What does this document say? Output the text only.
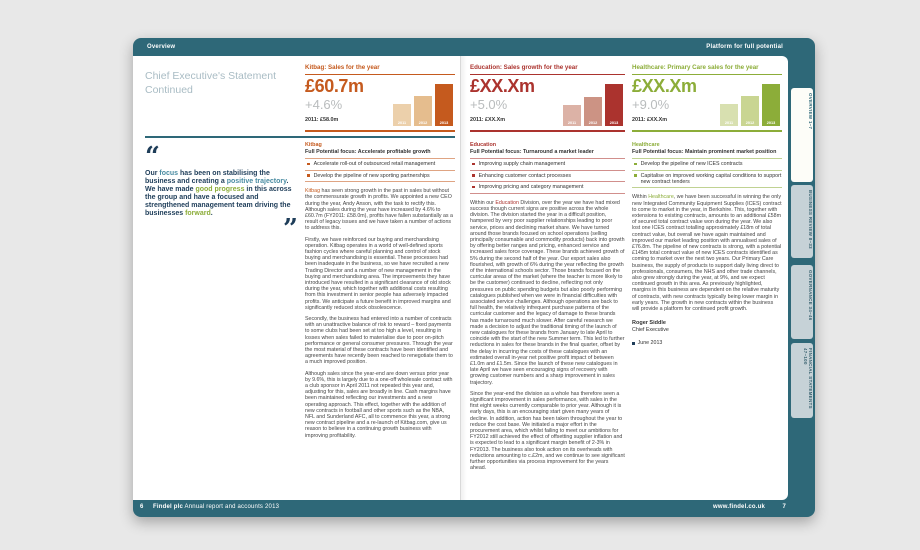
Overview	Platform for full potential
Chief Executive's Statement Continued
Kitbag: Sales for the year
£60.7m
+4.6%
2011: £58.0m	2011	2012	2013
Education: Sales growth for the year
£XX.Xm
+5.0%
2011: £XX.Xm	2011	2012	2013
Healthcare: Primary Care sales for the year
£XX.Xm
+9.0%
2011: £XX.Xm	2011	2012	2013
“
Our focus has been on stabilising the business and creating a positive trajectory. We have made good progress in this across the group and have a focused and strengthened management team driving the businesses forward.
”
Kitbag
Full Potential focus: Accelerate profitable growth
Accelerate roll-out of outsourced retail management
Develop the pipeline of new sporting partnerships

Kitbag has seen strong growth in the past in sales but without the commensurate growth in profits. We appointed a new CEO during the year, Andy Anson, with the task to rectify this. Although sales during the year have increased by 4.6% to £60.7m (FY2011: £58.0m), profits have fallen substantially as a result of legacy issues and we have taken a number of actions to address this.

Firstly, we have reinforced our buying and merchandising operation. Kitbag operates in a world of well-defined sports fashion cycles where careful planning and control of stock buying and merchandising is essential. These processes had been inadequate in the business, so we have recruited a new Trading Director and a number of new management in the buying and merchandising area. The improvements they have introduced have resulted in a significant clearance of old stock during the year, which together with additional costs resulting from this investment in senior people has adversely impacted profits. We anticipate a future benefit in improved margins and significantly reduced stock obsolescence.

Secondly, the business had entered into a number of contracts with an unattractive balance of risk to reward – fixed payments to some clubs had been set at too high a level, resulting in losses when sales failed to materialise due to poor on-pitch performance or general consumer pressures. Through the year the most material of these contracts have been identified and agreements have recently been reached to renegotiate them to a much improved position.

Although sales since the year-end are down versus prior year by 9.6%, this is largely due to a one-off wholesale contract with a club sponsor in April 2011 not repeated this year and, adjusting for this, sales are broadly in line. Cash margins have been maintained reflecting our investments and a new operating approach. This effect, together with the addition of new contracts in football and other sports such as the NBA, NFL and Sunderland AFC, all to commence this year, a strong new contract pipeline and a re-launch of Kitbag.com, give us reason to believe in a continuing growth business with improving profitability.

Education
Full Potential focus: Turnaround a market leader
Improving supply chain management
Enhancing customer contact processes
Improving pricing and category management

Within our Education Division, over the year we have had mixed success though current signs are positive across the whole division. The division started the year in a difficult position, hampered by very poor supplier relationships leading to poor service, prices and declining market share. We have turned around those brands focused on school operations (selling principally consumable and commodity products) back into growth by offering better ranges and pricing, enhanced service and increased sales force coverage. These brands achieved growth of 5% during the second half of the year. Our export sales also flourished, with growth of 6% during the year reflecting the growth of the international schools sector. Those brands focused on the curricular areas of the market (where the teacher is more likely to be the customer) continued to decline, reflecting not only pressures on public spending budgets but also poorly performing catalogues published when we were in financial difficulties with associated service challenges. Although operations are back to full health, the relatively infrequent purchase patterns of the curricular customer and the legacy of damage to these brands has made turnaround much slower. After careful research we made a decision to adjust the traditional timing of the launch of new catalogues for these brands from January to late April to coincide with the start of the new Summer term. This led to further reductions in sales for these brands in the final quarter, offset by the delay in incurring the costs of these catalogues with an estimated overall in-year net positive profit impact of between £1.0m and £1.5m. Since the launch of these new catalogues in late April we have seen encouraging signs of recovery with growing customer numbers and a sharp improvement in sales trajectory.

Since the year-end the division as a whole has therefore seen a significant improvement in sales performance, with sales in the first eight weeks currently comparable to prior year. Although it is early days, this is an encouraging start given many years of decline. In addition, action has been taken throughout the year to reduce the cost base. We initiated a major effort in the procurement area, which whilst failing to meet our ambitions for FY2012 still achieved the effect of offsetting supplier inflation and is expected to lead to a significant margin benefit of 2-3% in FY2013. The business also took action on its overheads with reductions amounting to c.£2m, and we continue to see significant further opportunities via process improvement for the years ahead.

Healthcare
Full Potential focus: Maintain prominent market position
Develop the pipeline of new ICES contracts
Capitalise on improved working capital conditions to support new contract tenders

Within Healthcare, we have been successful in winning the only new Integrated Community Equipment Supplies (ICES) contract to come to market in the year, in Berkshire. This, together with extensions to existing contracts, amounts to an additional £58m of secured total contract value won during the year. We also lost one ICES contract totalling approximately £18m of total contract value, but overall we have again maintained and improved our market leading position with annualised sales of £76.8m. The pipeline of new contracts is strong, with a potential £145m total contract value of new ICES contracts identified as coming to market over the next two years. Our Primary Care business, the supply of products to support daily living direct to professionals, consumers, the NHS and other trade channels, also grew strongly during the year, at 9%, and we expect continued growth in this area. As previously highlighted, margins in this business are dependent on the relative maturity of contracts, with new contracts typically being lower margin in early years. The growth in new contracts within the business will provide a platform for continued profit growth.

Roger Siddle
Chief Executive
June 2013
OVERVIEW 1–7
BUSINESS REVIEW 8–33
GOVERNANCE 34–46
FINANCIAL STATEMENTS 47–100
6 Findel plc Annual report and accounts 2013	www.findel.co.uk	7
